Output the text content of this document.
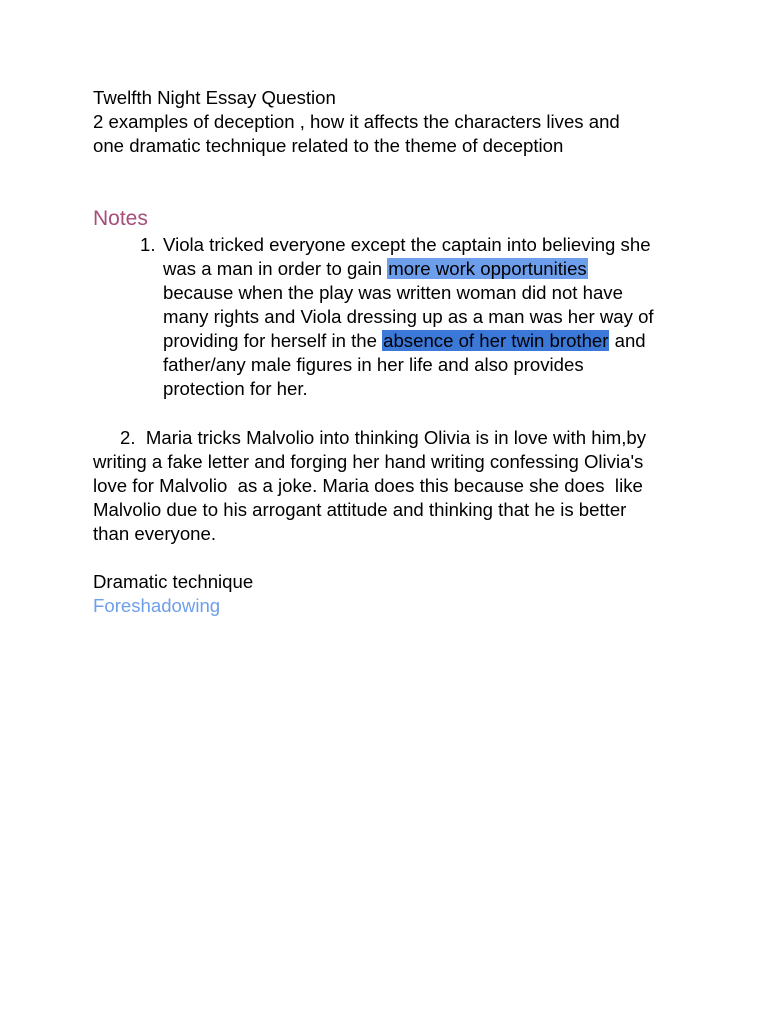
Twelfth Night Essay Question
2 examples of deception , how it affects the characters lives and
one dramatic technique related to the theme of deception
Notes
1. Viola tricked everyone except the captain into believing she
was a man in order to gain more work opportunities
because when the play was written woman did not have
many rights and Viola dressing up as a man was her way of
providing for herself in the absence of her twin brother and
father/any male figures in her life and also provides
protection for her.
2. Maria tricks Malvolio into thinking Olivia is in love with him,by
writing a fake letter and forging her hand writing confessing Olivia's
love for Malvolio  as a joke. Maria does this because she does  like
Malvolio due to his arrogant attitude and thinking that he is better
than everyone.
Dramatic technique
Foreshadowing
